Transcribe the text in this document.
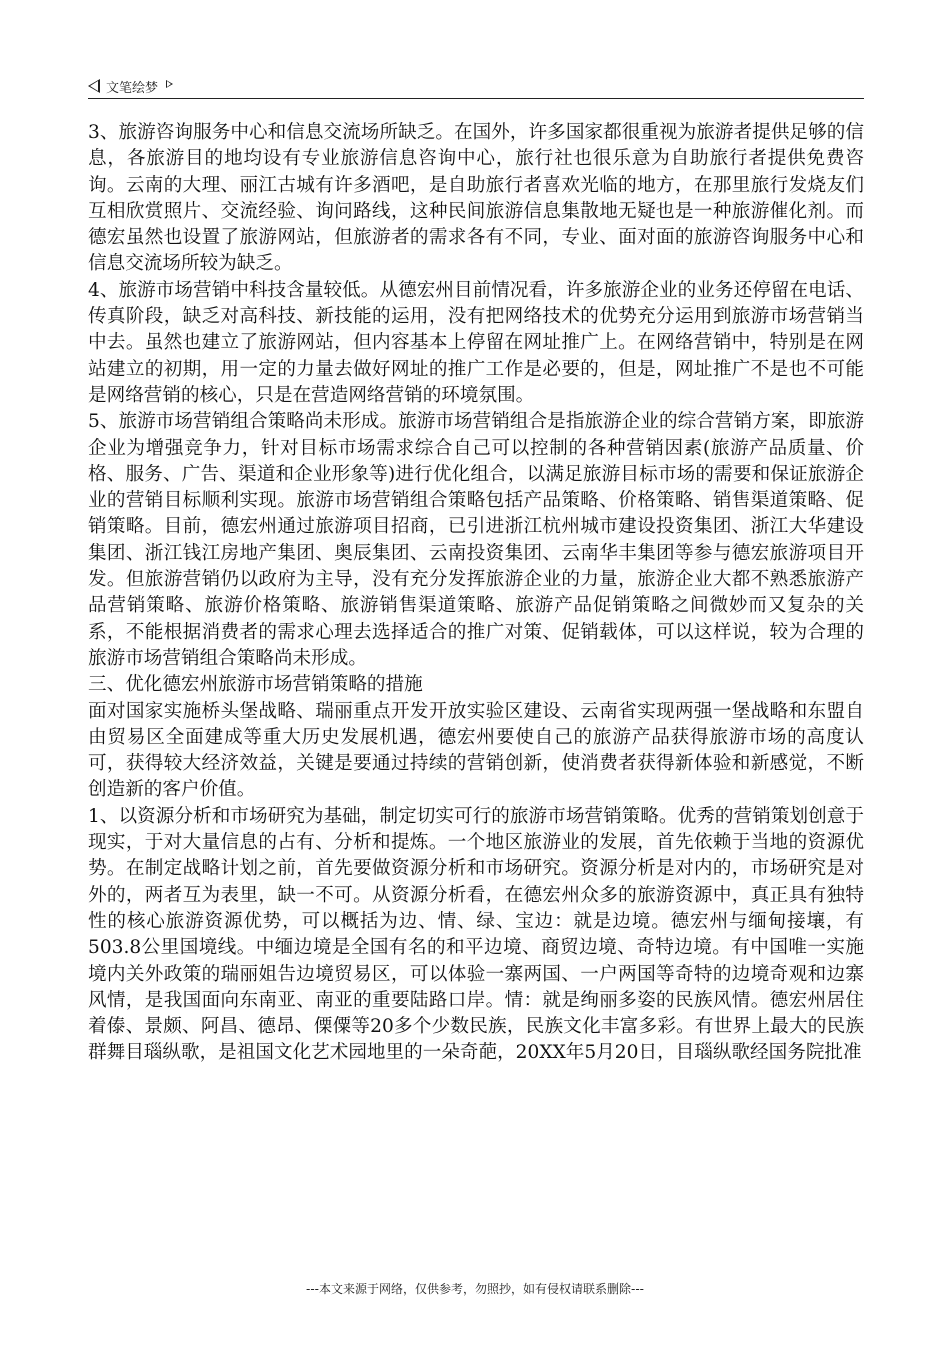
文笔绘梦

3、旅游咨询服务中心和信息交流场所缺乏。在国外，许多国家都很重视为旅游者提供足够的信息，各旅游目的地均设有专业旅游信息咨询中心，旅行社也很乐意为自助旅行者提供免费咨询。云南的大理、丽江古城有许多酒吧，是自助旅行者喜欢光临的地方，在那里旅行发烧友们互相欣赏照片、交流经验、询问路线，这种民间旅游信息集散地无疑也是一种旅游催化剂。而德宏虽然也设置了旅游网站，但旅游者的需求各有不同，专业、面对面的旅游咨询服务中心和信息交流场所较为缺乏。

4、旅游市场营销中科技含量较低。从德宏州目前情况看，许多旅游企业的业务还停留在电话、传真阶段，缺乏对高科技、新技能的运用，没有把网络技术的优势充分运用到旅游市场营销当中去。虽然也建立了旅游网站，但内容基本上停留在网址推广上。在网络营销中，特别是在网站建立的初期，用一定的力量去做好网址的推广工作是必要的，但是，网址推广不是也不可能是网络营销的核心，只是在营造网络营销的环境氛围。

5、旅游市场营销组合策略尚未形成。旅游市场营销组合是指旅游企业的综合营销方案，即旅游企业为增强竞争力，针对目标市场需求综合自己可以控制的各种营销因素(旅游产品质量、价格、服务、广告、渠道和企业形象等)进行优化组合，以满足旅游目标市场的需要和保证旅游企业的营销目标顺利实现。旅游市场营销组合策略包括产品策略、价格策略、销售渠道策略、促销策略。目前，德宏州通过旅游项目招商，已引进浙江杭州城市建设投资集团、浙江大华建设集团、浙江钱江房地产集团、奥辰集团、云南投资集团、云南华丰集团等参与德宏旅游项目开发。但旅游营销仍以政府为主导，没有充分发挥旅游企业的力量，旅游企业大都不熟悉旅游产品营销策略、旅游价格策略、旅游销售渠道策略、旅游产品促销策略之间微妙而又复杂的关系，不能根据消费者的需求心理去选择适合的推广对策、促销载体，可以这样说，较为合理的旅游市场营销组合策略尚未形成。

三、优化德宏州旅游市场营销策略的措施

面对国家实施桥头堡战略、瑞丽重点开发开放实验区建设、云南省实现两强一堡战略和东盟自由贸易区全面建成等重大历史发展机遇，德宏州要使自己的旅游产品获得旅游市场的高度认可，获得较大经济效益，关键是要通过持续的营销创新，使消费者获得新体验和新感觉，不断创造新的客户价值。

1、以资源分析和市场研究为基础，制定切实可行的旅游市场营销策略。优秀的营销策划创意于现实，于对大量信息的占有、分析和提炼。一个地区旅游业的发展，首先依赖于当地的资源优势。在制定战略计划之前，首先要做资源分析和市场研究。资源分析是对内的，市场研究是对外的，两者互为表里，缺一不可。从资源分析看，在德宏州众多的旅游资源中，真正具有独特性的核心旅游资源优势，可以概括为边、情、绿、宝边：就是边境。德宏州与缅甸接壤，有503.8公里国境线。中缅边境是全国有名的和平边境、商贸边境、奇特边境。有中国唯一实施境内关外政策的瑞丽姐告边境贸易区，可以体验一寨两国、一户两国等奇特的边境奇观和边寨风情，是我国面向东南亚、南亚的重要陆路口岸。情：就是绚丽多姿的民族风情。德宏州居住着傣、景颇、阿昌、德昂、傈僳等20多个少数民族，民族文化丰富多彩。有世界上最大的民族群舞目瑙纵歌，是祖国文化艺术园地里的一朵奇葩，20XX年5月20日，目瑙纵歌经国务院批准

---本文来源于网络，仅供参考，勿照抄，如有侵权请联系删除---
